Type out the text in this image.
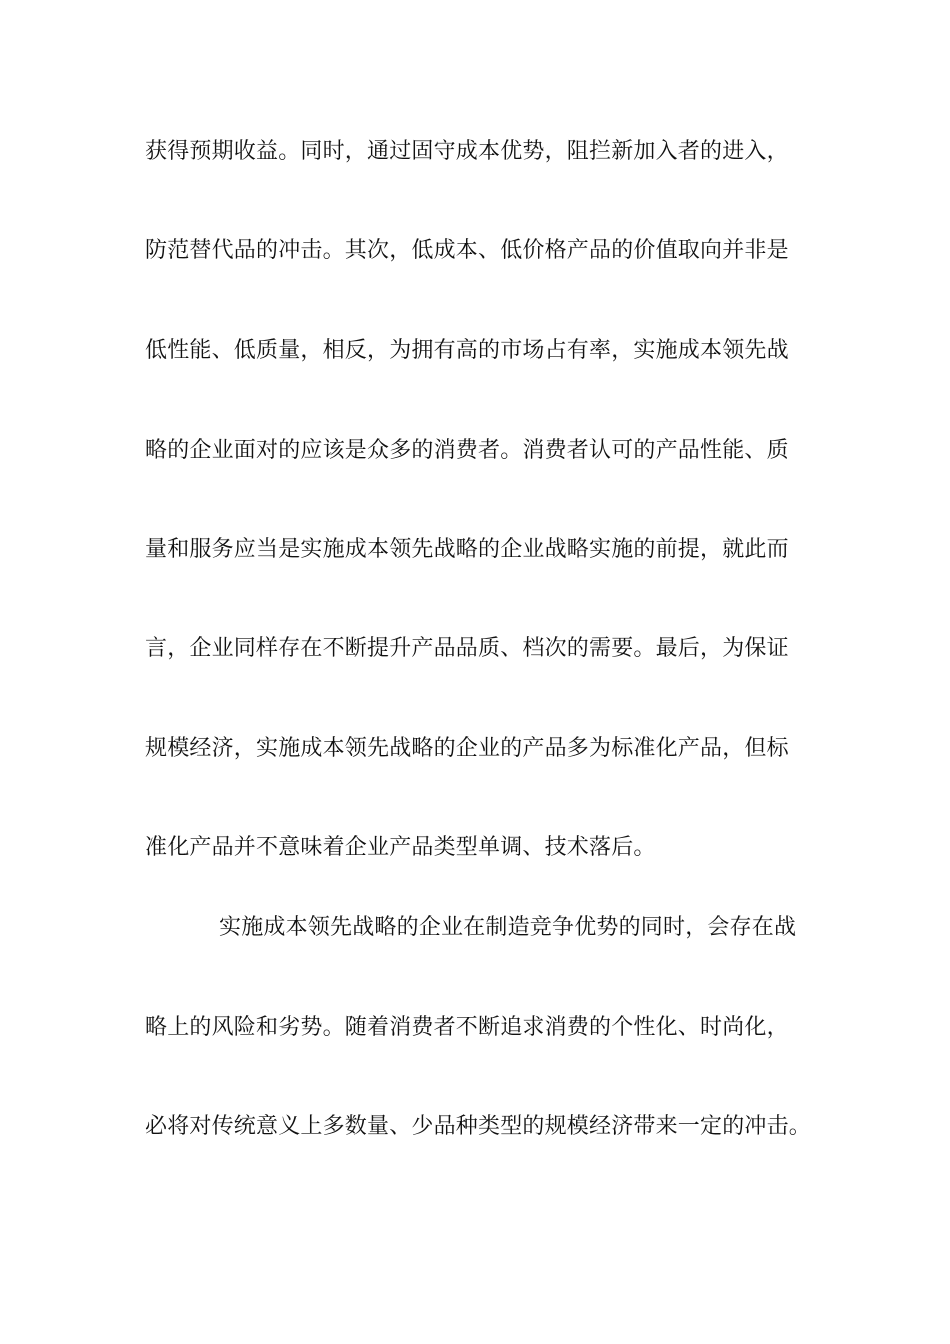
获得预期收益。同时，通过固守成本优势，阻拦新加入者的进入，
防范替代品的冲击。其次，低成本、低价格产品的价值取向并非是
低性能、低质量，相反，为拥有高的市场占有率，实施成本领先战
略的企业面对的应该是众多的消费者。消费者认可的产品性能、质
量和服务应当是实施成本领先战略的企业战略实施的前提，就此而
言，企业同样存在不断提升产品品质、档次的需要。最后，为保证
规模经济，实施成本领先战略的企业的产品多为标准化产品，但标
准化产品并不意味着企业产品类型单调、技术落后。
实施成本领先战略的企业在制造竞争优势的同时，会存在战
略上的风险和劣势。随着消费者不断追求消费的个性化、时尚化，
必将对传统意义上多数量、少品种类型的规模经济带来一定的冲击。
